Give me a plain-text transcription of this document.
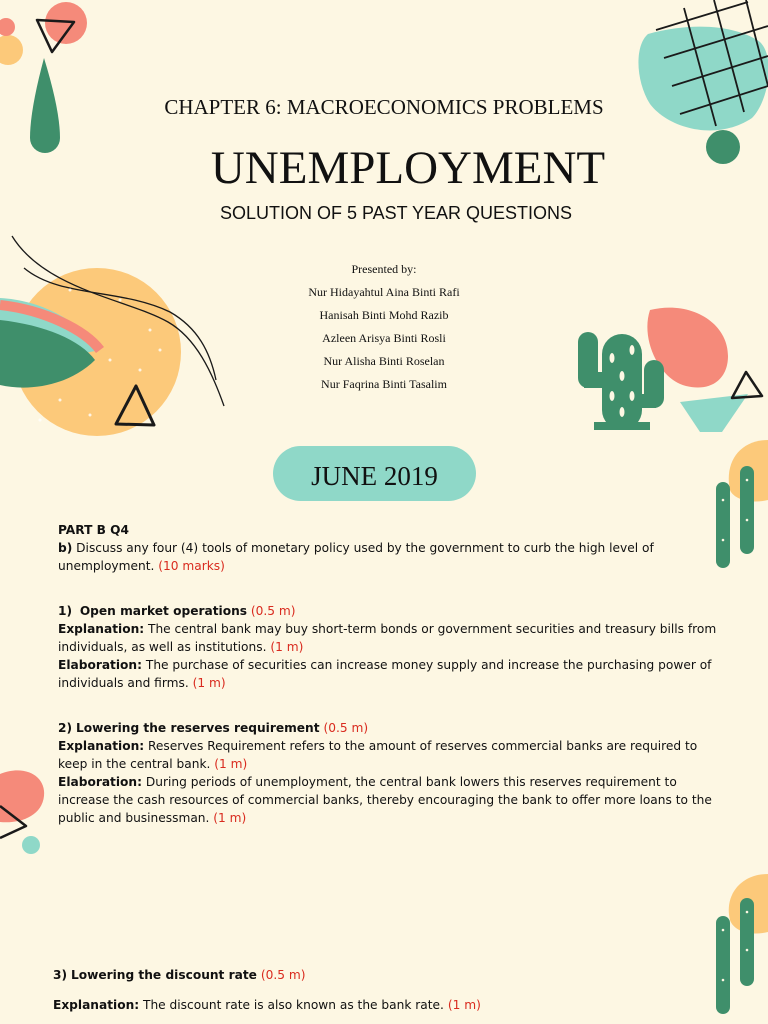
CHAPTER 6: MACROECONOMICS PROBLEMS
UNEMPLOYMENT
SOLUTION OF 5 PAST YEAR QUESTIONS
Presented by:
Nur Hidayahtul Aina Binti Rafi
Hanisah Binti Mohd Razib
Azleen Arisya Binti Rosli
Nur Alisha Binti Roselan
Nur Faqrina Binti Tasalim
JUNE 2019
PART B Q4
b) Discuss any four (4) tools of monetary policy used by the government to curb the high level of
unemployment. (10 marks)
1) Open market operations (0.5 m)
Explanation: The central bank may buy short-term bonds or government securities and treasury bills from
individuals, as well as institutions. (1 m)
Elaboration: The purchase of securities can increase money supply and increase the purchasing power of
individuals and firms. (1 m)
2) Lowering the reserves requirement (0.5 m)
Explanation: Reserves Requirement refers to the amount of reserves commercial banks are required to
keep in the central bank. (1 m)
Elaboration: During periods of unemployment, the central bank lowers this reserves requirement to
increase the cash resources of commercial banks, thereby encouraging the bank to offer more loans to the
public and businessman. (1 m)
3) Lowering the discount rate (0.5 m)
Explanation: The discount rate is also known as the bank rate. (1 m)
